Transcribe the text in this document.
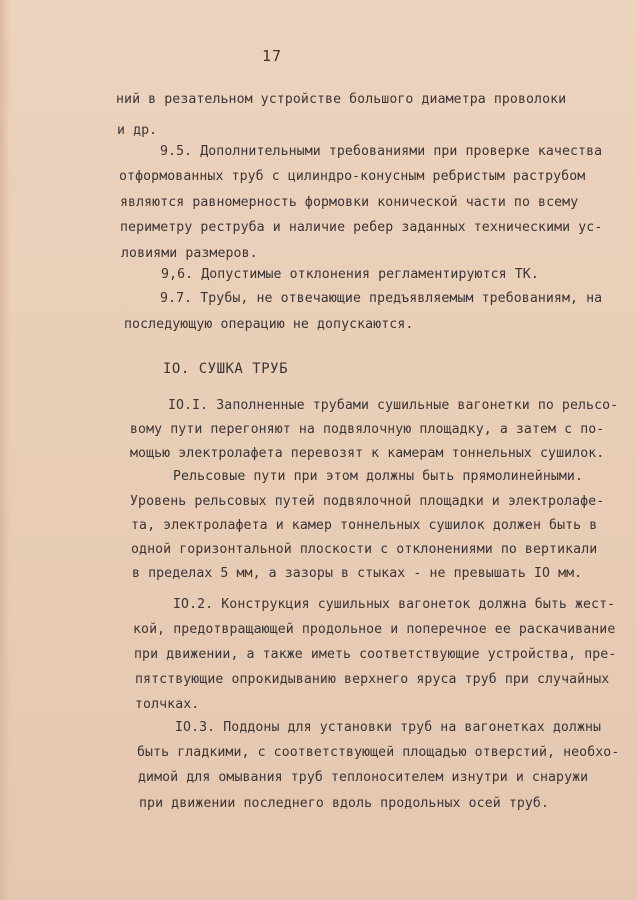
17
ний в резательном устройстве большого диаметра проволоки
и др.
9.5. Дополнительными требованиями при проверке качества
отформованных труб с цилиндро-конусным ребристым раструбом
являются равномерность формовки конической части по всему
периметру реструба и наличие ребер заданных техническими ус-
ловиями размеров.
9,6. Допустимые отклонения регламентируются ТК.
9.7. Трубы, не отвечающие предъявляемым требованиям, на
последующую операцию не допускаются.
IO. СУШКА ТРУБ
IO.I. Заполненные трубами сушильные вагонетки по рельсо-
вому пути перегоняют на подвялочную площадку, а затем с по-
мощью электролафета перевозят к камерам тоннельных сушилок.
Рельсовые пути при этом должны быть прямолинейными.
Уровень рельсовых путей подвялочной площадки и электролафе-
та, электролафета и камер тоннельных сушилок должен быть в
одной горизонтальной плоскости с отклонениями по вертикали
в пределах 5 мм, а зазоры в стыках - не превышать IO мм.
IO.2. Конструкция сушильных вагонеток должна быть жест-
кой, предотвращающей продольное и поперечное ее раскачивание
при движении, а также иметь соответствующие устройства, пре-
пятствующие опрокидыванию верхнего яруса труб при случайных
толчках.
IO.3. Поддоны для установки труб на вагонетках должны
быть гладкими, с соответствующей площадью отверстий, необхо-
димой для омывания труб теплоносителем изнутри и снаружи
при движении последнего вдоль продольных осей труб.
